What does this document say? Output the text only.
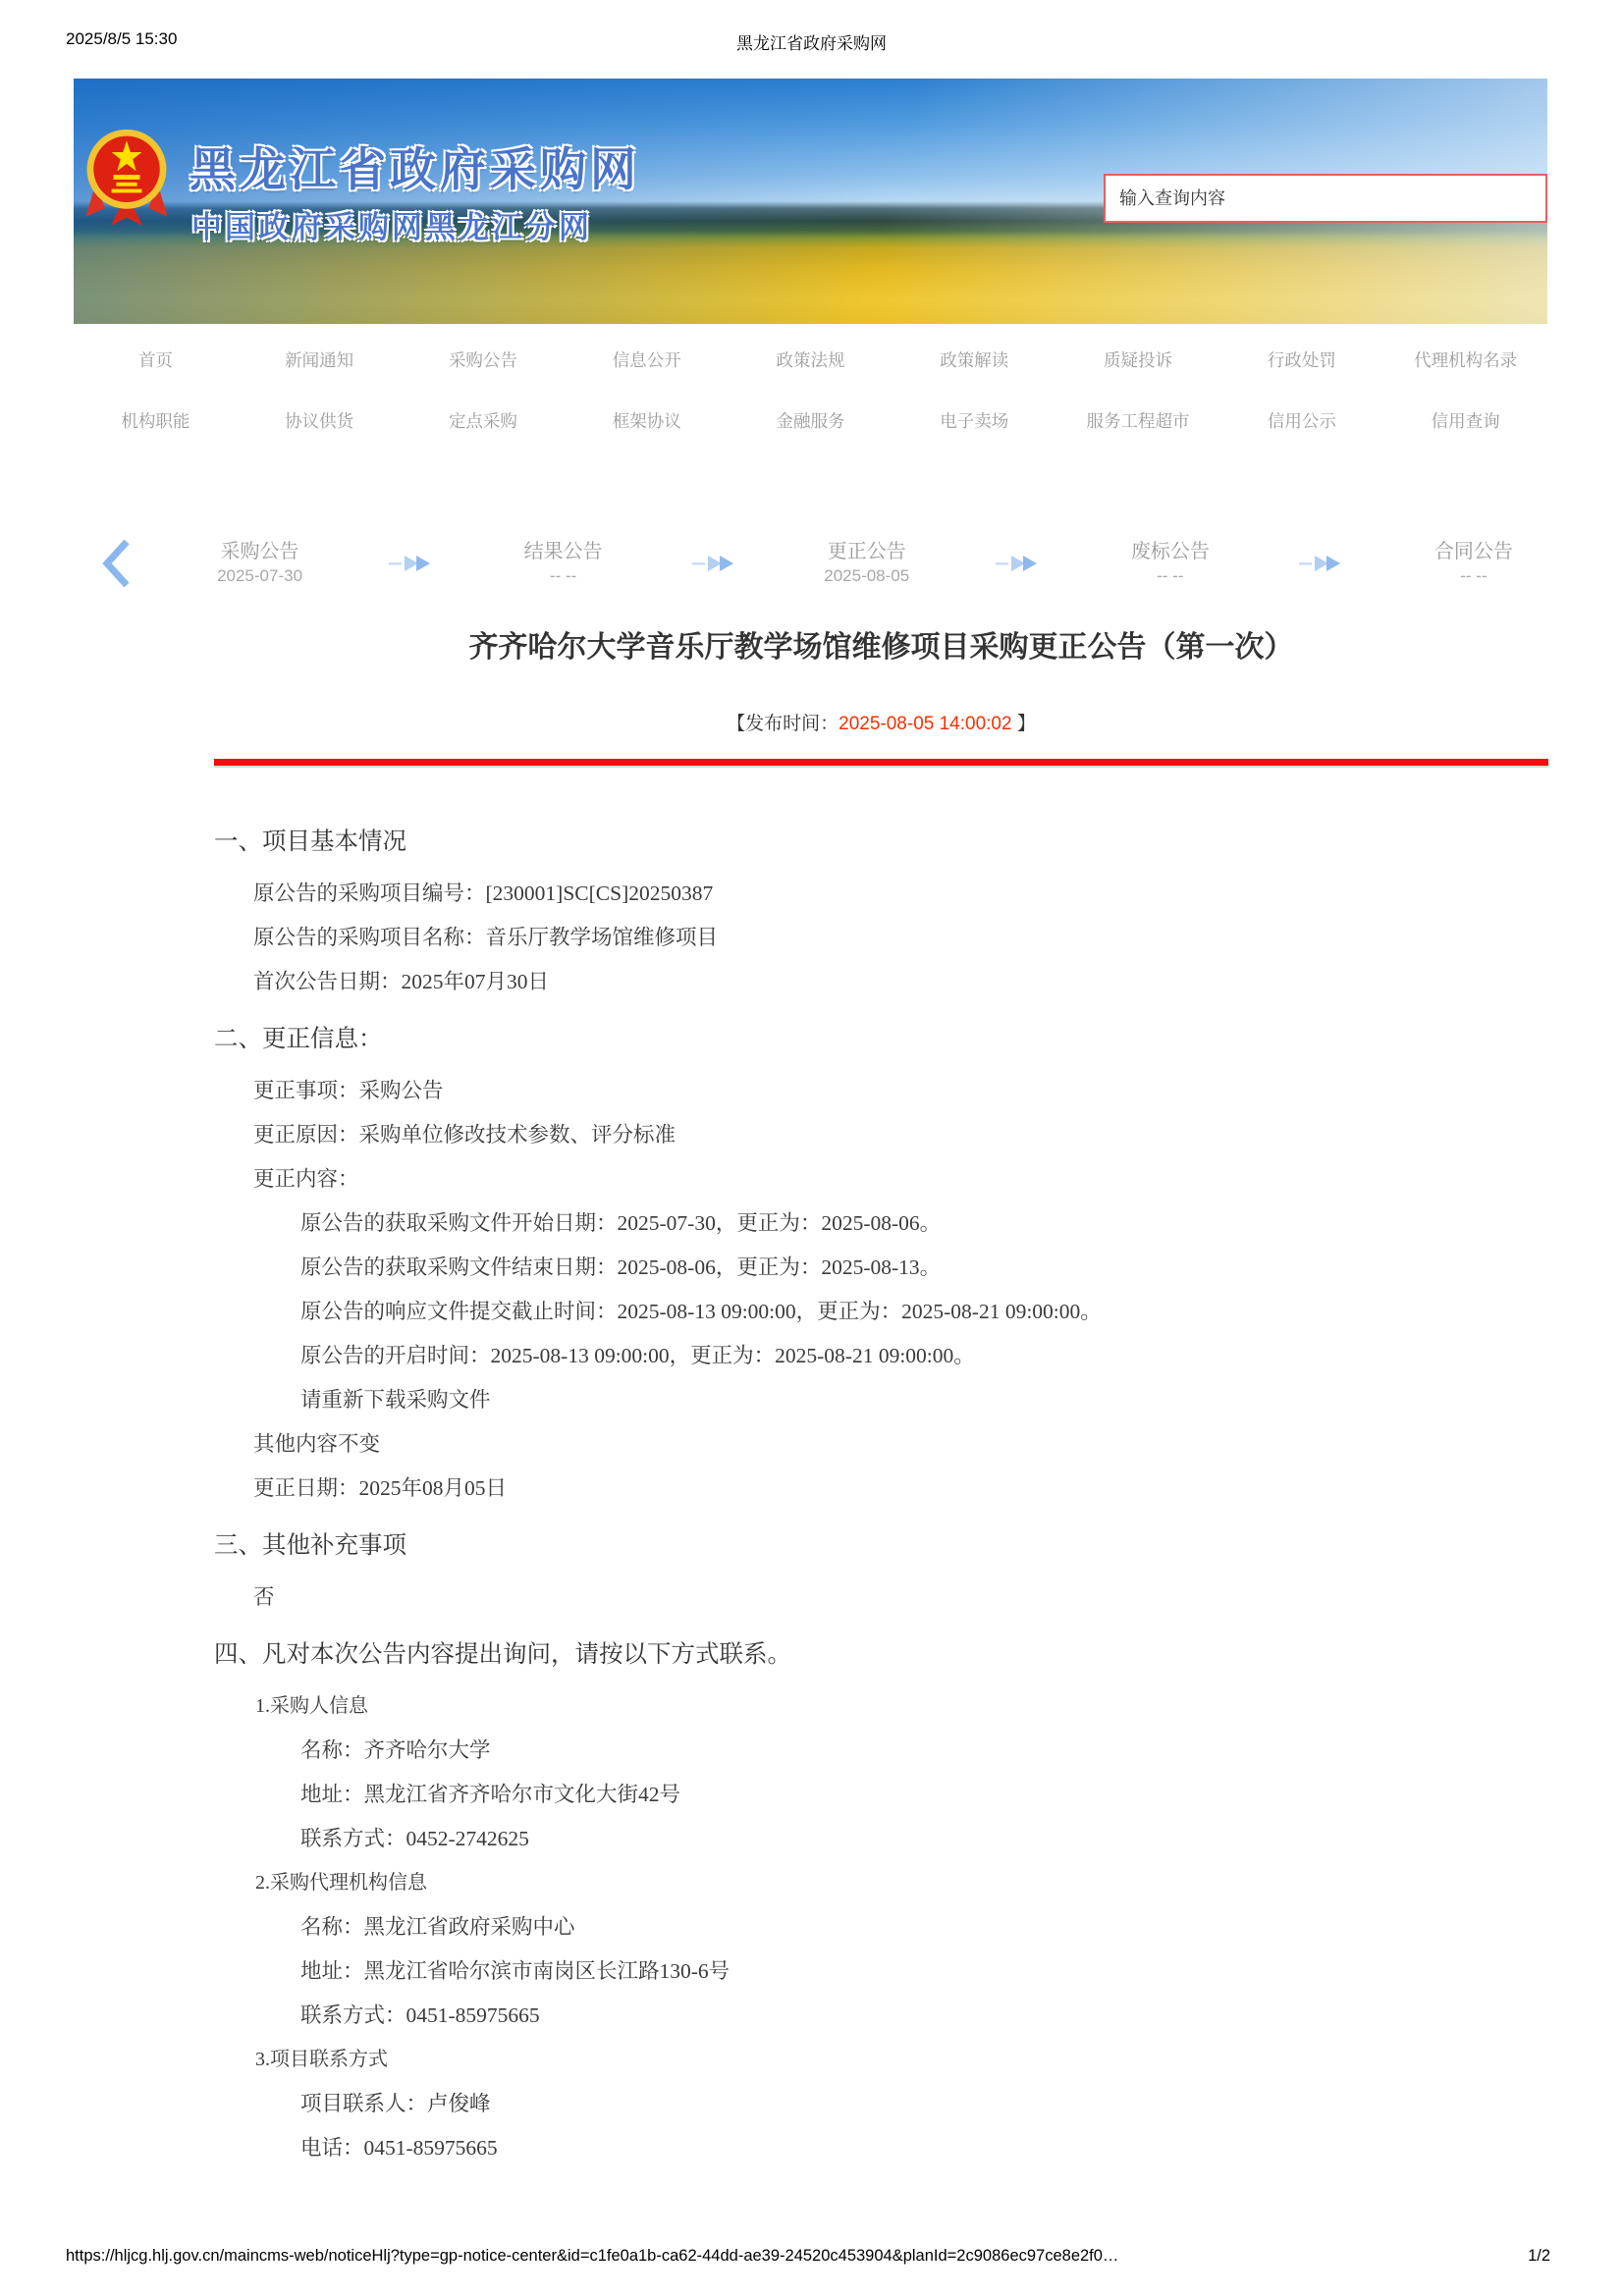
2025/8/5 15:30	黑龙江省政府采购网
黑龙江省政府采购网
中国政府采购网黑龙江分网
输入查询内容
首页	新闻通知	采购公告	信息公开	政策法规	政策解读	质疑投诉	行政处罚	代理机构名录
机构职能	协议供货	定点采购	框架协议	金融服务	电子卖场	服务工程超市	信用公示	信用查询
采购公告
2025-07-30
结果公告
-- --
更正公告
2025-08-05
废标公告
-- --
合同公告
-- --
齐齐哈尔大学音乐厅教学场馆维修项目采购更正公告（第一次）
【发布时间：2025-08-05 14:00:02 】
一、项目基本情况
原公告的采购项目编号：[230001]SC[CS]20250387
原公告的采购项目名称：音乐厅教学场馆维修项目
首次公告日期：2025年07月30日
二、更正信息：
更正事项：采购公告
更正原因：采购单位修改技术参数、评分标准
更正内容：
原公告的获取采购文件开始日期：2025-07-30，更正为：2025-08-06。
原公告的获取采购文件结束日期：2025-08-06，更正为：2025-08-13。
原公告的响应文件提交截止时间：2025-08-13 09:00:00，更正为：2025-08-21 09:00:00。
原公告的开启时间：2025-08-13 09:00:00，更正为：2025-08-21 09:00:00。
请重新下载采购文件
其他内容不变
更正日期：2025年08月05日
三、其他补充事项
否
四、凡对本次公告内容提出询问，请按以下方式联系。
1.采购人信息
名称：齐齐哈尔大学
地址：黑龙江省齐齐哈尔市文化大街42号
联系方式：0452-2742625
2.采购代理机构信息
名称：黑龙江省政府采购中心
地址：黑龙江省哈尔滨市南岗区长江路130-6号
联系方式：0451-85975665
3.项目联系方式
项目联系人：卢俊峰
电话：0451-85975665
https://hljcg.hlj.gov.cn/maincms-web/noticeHlj?type=gp-notice-center&id=c1fe0a1b-ca62-44dd-ae39-24520c453904&planId=2c9086ec97ce8e2f0…	1/2
